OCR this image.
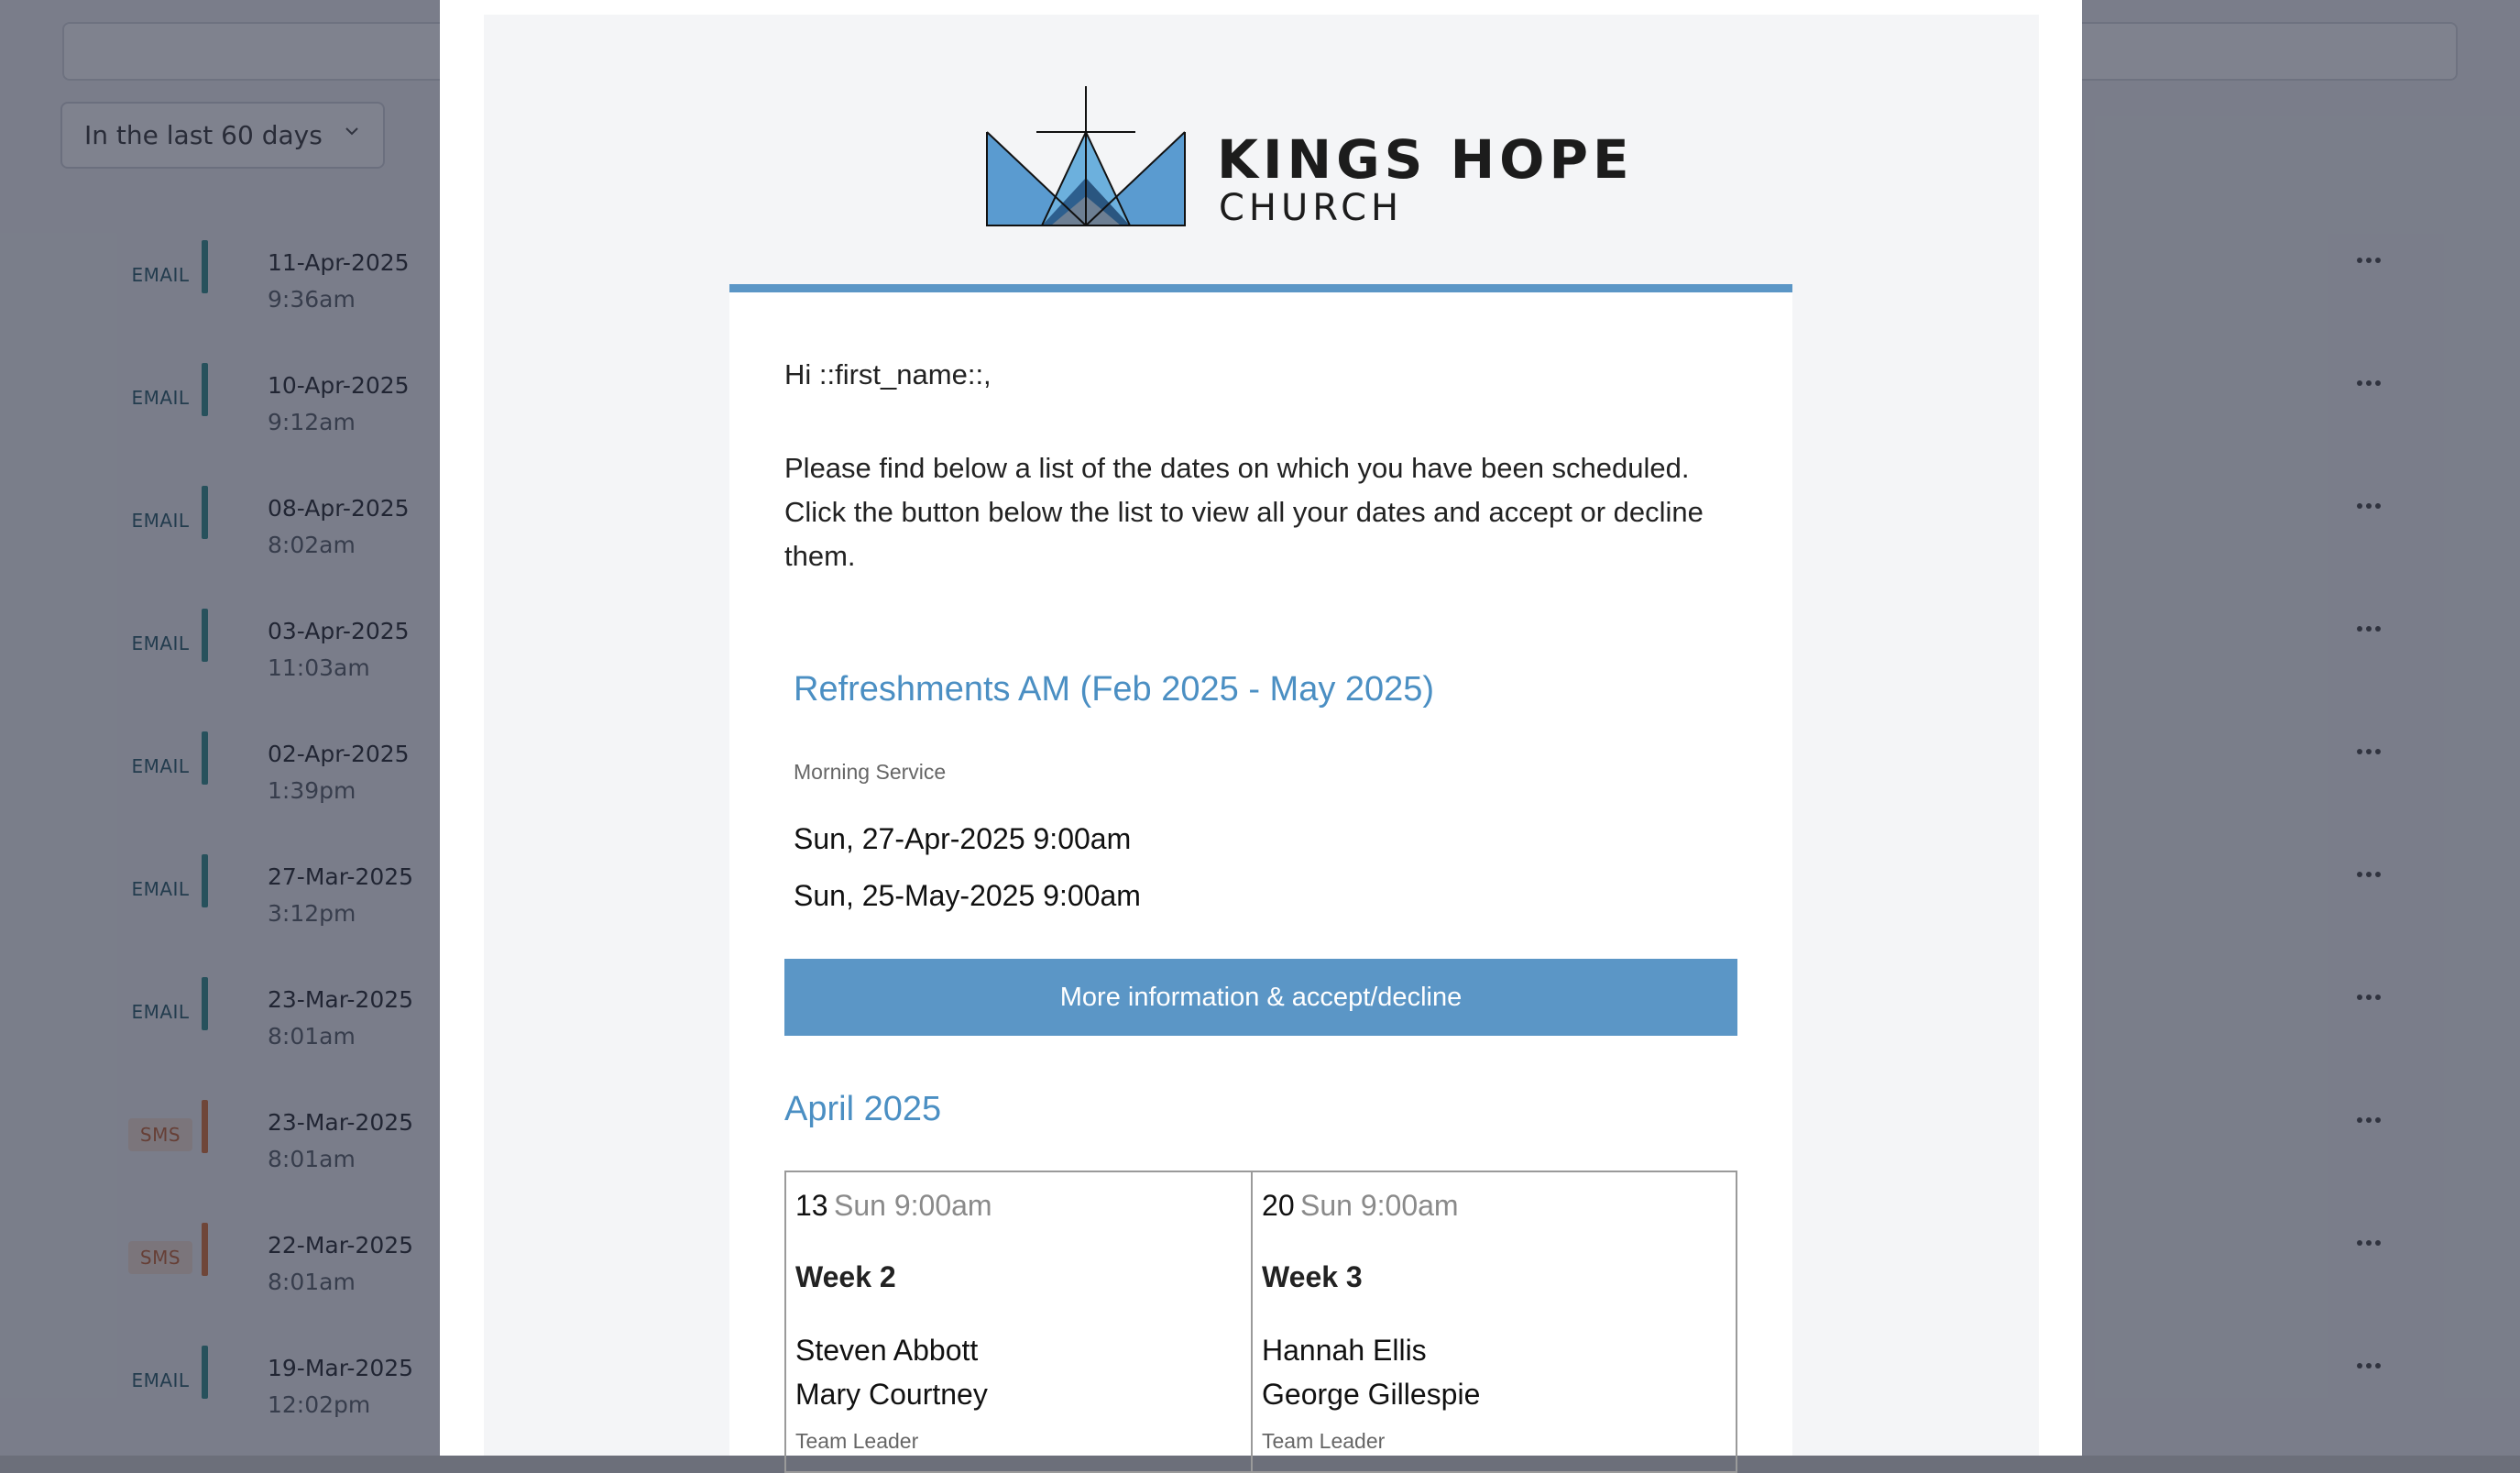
KINGS HOPE
CHURCH
Hi ::first_name::,
Please find below a list of the dates on which you have been scheduled. Click the button below the list to view all your dates and accept or decline them.
Refreshments AM (Feb 2025 - May 2025)
Morning Service
Sun, 27-Apr-2025 9:00am
Sun, 25-May-2025 9:00am
More information & accept/decline
April 2025
13 Sun 9:00am
Week 2
Steven Abbott
Mary Courtney
Team Leader
20 Sun 9:00am
Week 3
Hannah Ellis
George Gillespie
Team Leader
